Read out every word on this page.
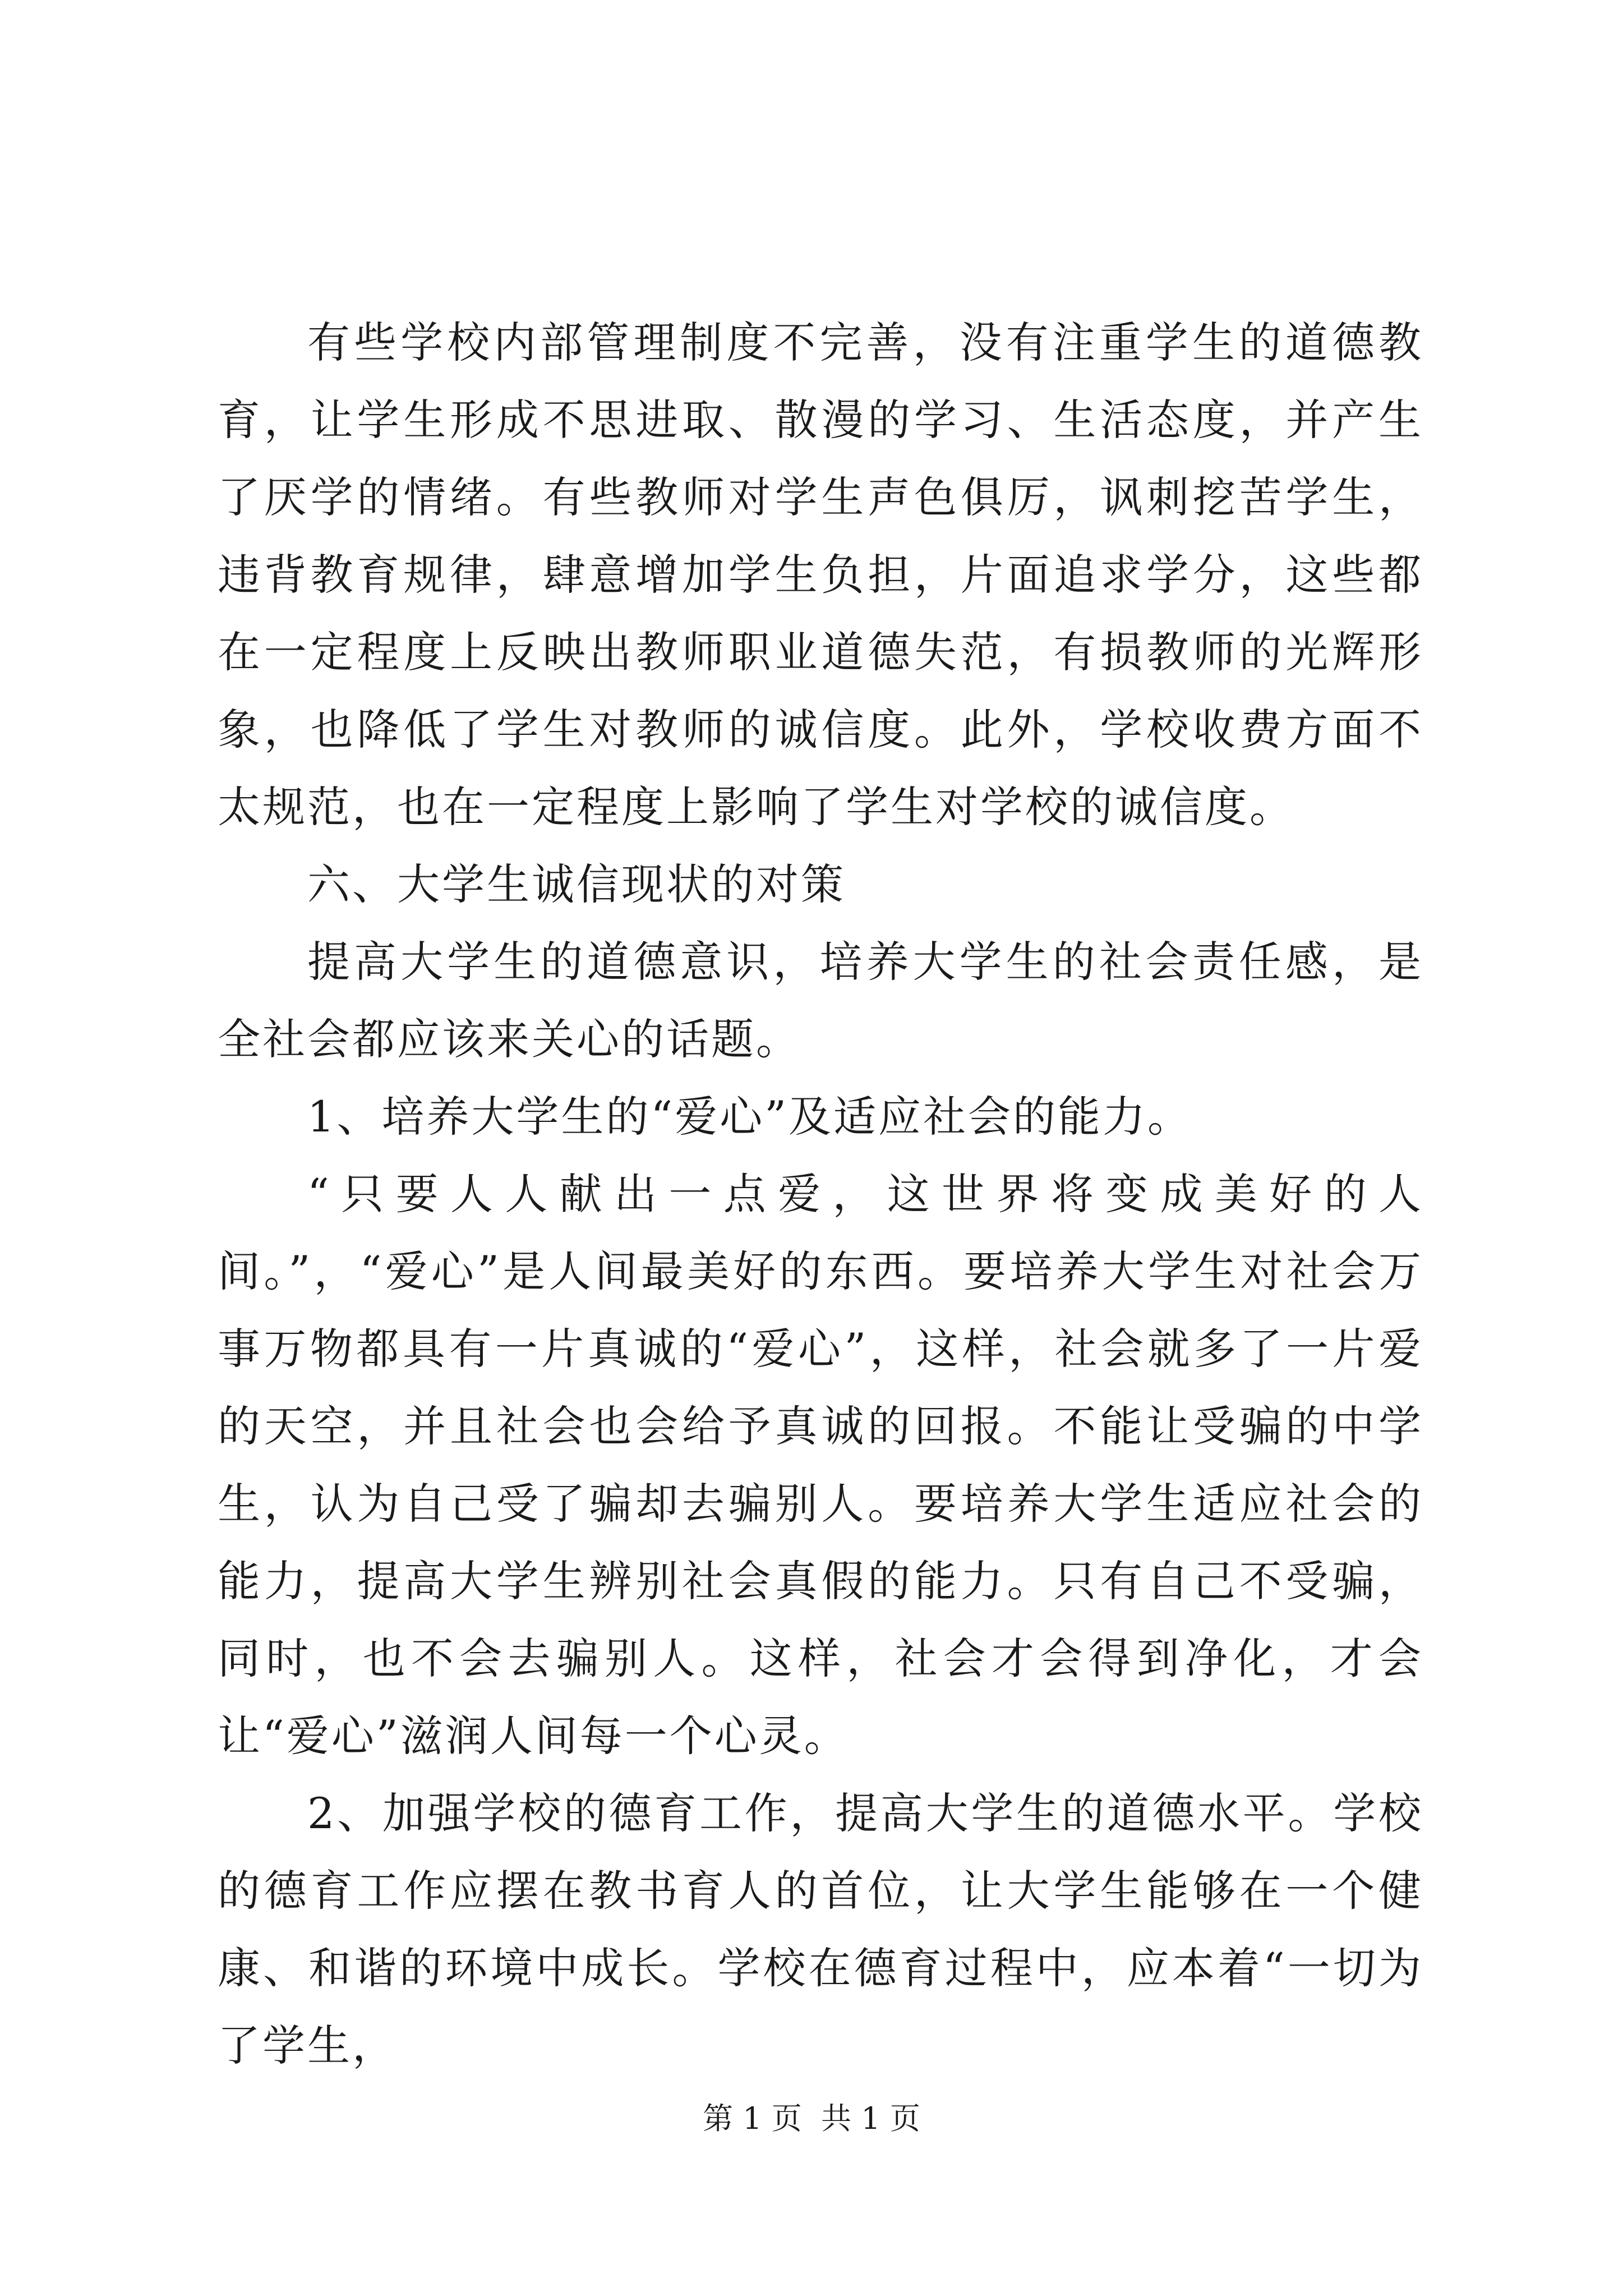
有些学校内部管理制度不完善，没有注重学生的道德教育，让学生形成不思进取、散漫的学习、生活态度，并产生了厌学的情绪。有些教师对学生声色俱厉，讽刺挖苦学生，违背教育规律，肆意增加学生负担，片面追求学分，这些都在一定程度上反映出教师职业道德失范，有损教师的光辉形象，也降低了学生对教师的诚信度。此外，学校收费方面不太规范，也在一定程度上影响了学生对学校的诚信度。

六、大学生诚信现状的对策

提高大学生的道德意识，培养大学生的社会责任感，是全社会都应该来关心的话题。

1、培养大学生的“爱心”及适应社会的能力。

“只要人人献出一点爱，这世界将变成美好的人间。”，“爱心”是人间最美好的东西。要培养大学生对社会万事万物都具有一片真诚的“爱心”，这样，社会就多了一片爱的天空，并且社会也会给予真诚的回报。不能让受骗的中学生，认为自己受了骗却去骗别人。要培养大学生适应社会的能力，提高大学生辨别社会真假的能力。只有自己不受骗，同时，也不会去骗别人。这样，社会才会得到净化，才会让“爱心”滋润人间每一个心灵。

2、加强学校的德育工作，提高大学生的道德水平。学校的德育工作应摆在教书育人的首位，让大学生能够在一个健康、和谐的环境中成长。学校在德育过程中，应本着“一切为了学生，

第 1 页  共 1 页
